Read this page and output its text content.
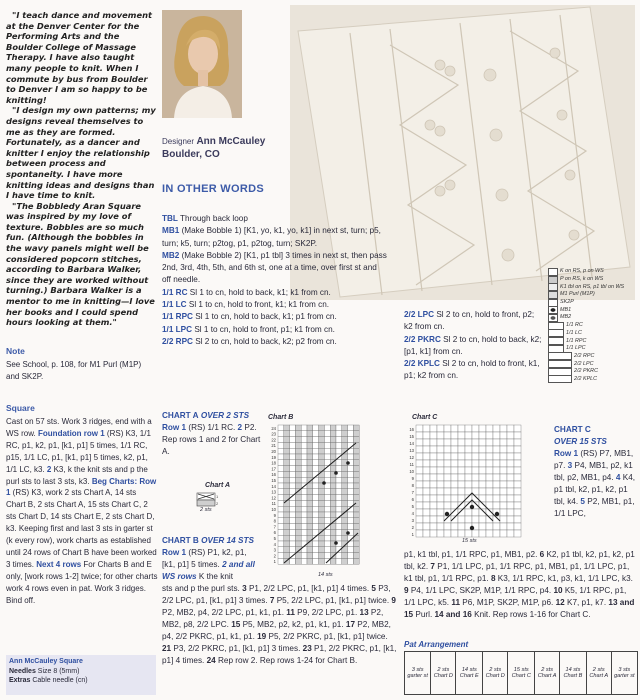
"I teach dance and movement at the Denver Center for the Performing Arts and the Boulder College of Massage Therapy. I have also taught many people to knit. When I commute by bus from Boulder to Denver I am so happy to be knitting!

"I design my own patterns; my designs reveal themselves to me as they are formed. Fortunately, as a dancer and knitter I enjoy the relationship between process and spontaneity. I have more knitting ideas and designs than I have time to knit.

"The Bobbledy Aran Square was inspired by my love of texture. Bobbles are so much fun. (Although the bobbles in the wavy panels might well be considered popcorn stitches, according to Barbara Walker, since they are worked without turning.) Barbara Walker is a mentor to me in knitting—I love her books and I could spend hours looking at them."

Designer Ann McCauley
Boulder, CO
IN OTHER WORDS
TBL Through back loop
MB1 (Make Bobble 1) [K1, yo, k1, yo, k1] in next st, turn; p5, turn; k5, turn; p2tog, p1, p2tog, turn; SK2P.
MB2 (Make Bobble 2) [K1, p1 tbl] 3 times in next st, then pass 2nd, 3rd, 4th, 5th, and 6th st, one at a time, over first st and off needle.
1/1 RC Sl 1 to cn, hold to back, k1; k1 from cn.
1/1 LC Sl 1 to cn, hold to front, k1; k1 from cn.
1/1 RPC Sl 1 to cn, hold to back, k1; p1 from cn.
1/1 LPC Sl 1 to cn, hold to front, p1; k1 from cn.
2/2 RPC Sl 2 to cn, hold to back, k2; p2 from cn.
2/2 LPC Sl 2 to cn, hold to front, p2; k2 from cn.
2/2 PKRC Sl 2 to cn, hold to back, k2; [p1, k1] from cn.
2/2 KPLC Sl 2 to cn, hold to front, k1, p1; k2 from cn.
K on RS, p on WS
P on RS, k on WS
K1 tbl on RS, p1 tbl on WS
M1 Purl (M1P)
SK2P
MB1
MB2
1/1 RC
1/1 LC
1/1 RPC
1/1 LPC
2/2 RPC
2/2 LPC
2/2 PKRC
2/2 KPLC
Note
See School, p. 108, for M1 Purl (M1P) and SK2P.
Square
Cast on 57 sts. Work 3 ridges, end with a WS row. Foundation row 1 (RS) K3, 1/1 RC, p1, k2, p1, [k1, p1] 5 times, 1/1 RC, p15, 1/1 LC, p1, [k1, p1] 5 times, k2, p1, 1/1 LC, k3. 2 K3, k the knit sts and p the purl sts to last 3 sts, k3. Beg Charts: Row 1 (RS) K3, work 2 sts Chart A, 14 sts Chart B, 2 sts Chart A, 15 sts Chart C, 2 sts Chart D, 14 sts Chart E, 2 sts Chart D, k3. Keeping first and last 3 sts in garter st (k every row), work charts as established until 24 rows of Chart B have been worked 3 times. Next 4 rows For Charts B and E only, [work rows 1-2] twice; for other charts work 4 rows even in pat. Work 3 ridges. Bind off.
CHART A OVER 2 STS
Row 1 (RS) 1/1 RC. 2 P2. Rep rows 1 and 2 for Chart A.
Chart A
1
2
2 sts
Chart B
24
23
22
21
20
19
18
17
16
15
14
13
12
11
10
9
8
7
6
5
4
3
2
1
14 sts
CHART B OVER 14 STS
Row 1 (RS) P1, k2, p1, [k1, p1] 5 times. 2 and all WS rows K the knit
Chart C
16
15
14
13
12
11
10
9
8
7
6
5
4
3
2
1
15 sts
CHART C
OVER 15 STS
Row 1 (RS) P7, MB1, p7. 3 P4, MB1, p2, k1 tbl, p2, MB1, p4. 4 K4, p1 tbl, k2, p1, k2, p1 tbl, k4. 5 P2, MB1, p1, 1/1 LPC,
p1, k1 tbl, p1, 1/1 RPC, p1, MB1, p2. 6 K2, p1 tbl, k2, p1, k2, p1 tbl, k2. 7 P1, 1/1 LPC, p1, 1/1 RPC, p1, MB1, p1, 1/1 LPC, p1, k1 tbl, p1, 1/1 RPC, p1. 8 K3, 1/1 RPC, k1, p3, k1, 1/1 LPC, k3. 9 P4, 1/1 LPC, SK2P, M1P, 1/1 RPC, p4. 10 K5, 1/1 RPC, p1, 1/1 LPC, k5. 11 P6, M1P, SK2P, M1P, p6. 12 K7, p1, k7. 13 and 15 Purl. 14 and 16 Knit. Rep rows 1-16 for Chart C.
sts and p the purl sts. 3 P1, 2/2 LPC, p1, [k1, p1] 4 times. 5 P3, 2/2 LPC, p1, [k1, p1] 3 times. 7 P5, 2/2 LPC, p1, [k1, p1] twice. 9 P2, MB2, p4, 2/2 LPC, p1, k1, p1. 11 P9, 2/2 LPC, p1. 13 P2, MB2, p8, 2/2 LPC. 15 P5, MB2, p2, k2, p1, k1, p1. 17 P2, MB2, p4, 2/2 PKRC, p1, k1, p1. 19 P5, 2/2 PKRC, p1, [k1, p1] twice. 21 P3, 2/2 PKRC, p1, [k1, p1] 3 times. 23 P1, 2/2 PKRC, p1, [k1, p1] 4 times. 24 Rep row 2. Rep rows 1-24 for Chart B.
Pat Arrangement
3 sts garter st	2 sts Chart D	14 sts Chart E	2 sts Chart D	15 sts Chart C	2 sts Chart A	14 sts Chart B	2 sts Chart A	3 sts garter st
Ann McCauley Square
Needles Size 8 (5mm)
Extras Cable needle (cn)
